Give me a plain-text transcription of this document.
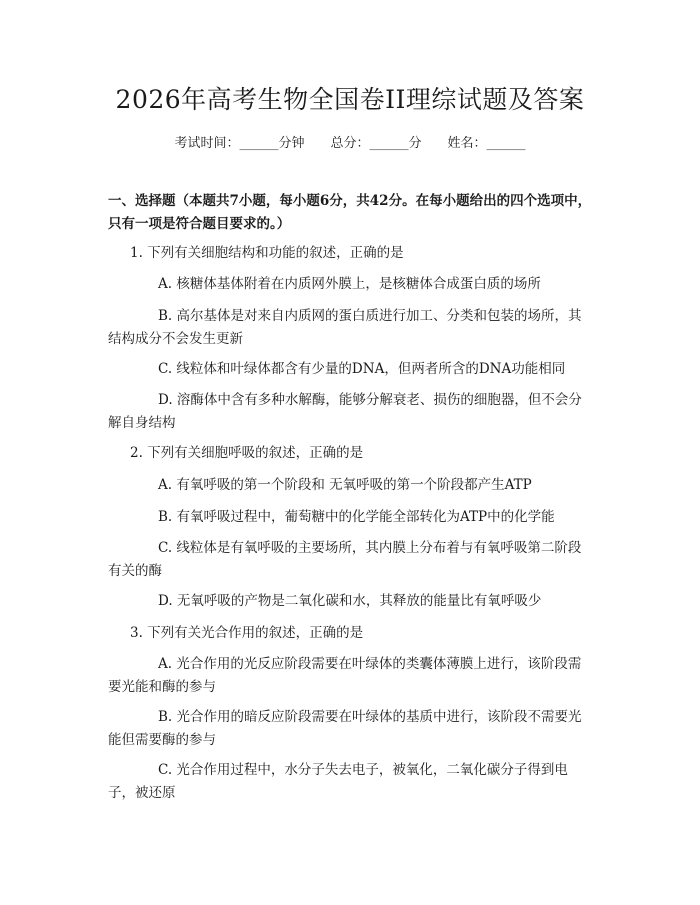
2026年高考生物全国卷II理综试题及答案
考试时间：______分钟 总分：______分 姓名：______
一、选择题（本题共7小题，每小题6分，共42分。在每小题给出的四个选项中，只有一项是符合题目要求的。）
1. 下列有关细胞结构和功能的叙述，正确的是
A. 核糖体基体附着在内质网外膜上，是核糖体合成蛋白质的场所
B. 高尔基体是对来自内质网的蛋白质进行加工、分类和包装的场所，其结构成分不会发生更新
C. 线粒体和叶绿体都含有少量的DNA，但两者所含的DNA功能相同
D. 溶酶体中含有多种水解酶，能够分解衰老、损伤的细胞器，但不会分解自身结构
2. 下列有关细胞呼吸的叙述，正确的是
A. 有氧呼吸的第一个阶段和 无氧呼吸的第一个阶段都产生ATP
B. 有氧呼吸过程中，葡萄糖中的化学能全部转化为ATP中的化学能
C. 线粒体是有氧呼吸的主要场所，其内膜上分布着与有氧呼吸第二阶段有关的酶
D. 无氧呼吸的产物是二氧化碳和水，其释放的能量比有氧呼吸少
3. 下列有关光合作用的叙述，正确的是
A. 光合作用的光反应阶段需要在叶绿体的类囊体薄膜上进行，该阶段需要光能和酶的参与
B. 光合作用的暗反应阶段需要在叶绿体的基质中进行，该阶段不需要光能但需要酶的参与
C. 光合作用过程中，水分子失去电子，被氧化，二氧化碳分子得到电子，被还原
